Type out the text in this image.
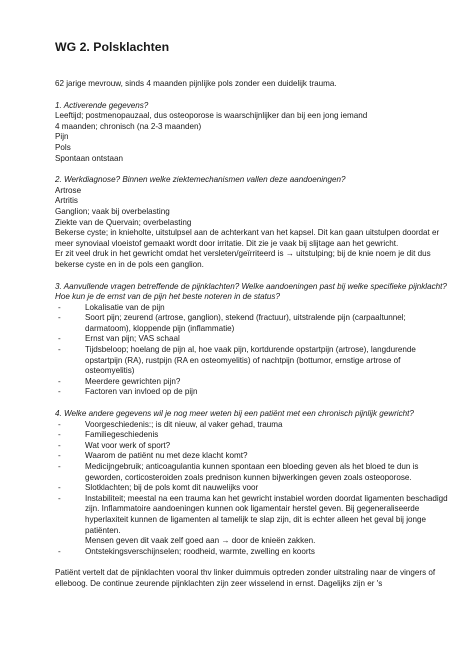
WG 2. Polsklachten

62 jarige mevrouw, sinds 4 maanden pijnlijke pols zonder een duidelijk trauma.

1. Activerende gegevens?

Leeftijd; postmenopauzaal, dus osteoporose is waarschijnlijker dan bij een jong iemand

4 maanden; chronisch (na 2-3 maanden)

Pijn

Pols

Spontaan ontstaan

2. Werkdiagnose? Binnen welke ziektemechanismen vallen deze aandoeningen?

Artrose

Artritis

Ganglion; vaak bij overbelasting

Ziekte van de Quervain; overbelasting

Bekerse cyste; in knieholte, uitstulpsel aan de achterkant van het kapsel. Dit kan gaan uitstulpen doordat er meer synoviaal vloeistof gemaakt wordt door irritatie. Dit zie je vaak bij slijtage aan het gewricht.

Er zit veel druk in het gewricht omdat het versleten/geïrriteerd is → uitstulping; bij de knie noem je dit dus bekerse cyste en in de pols een ganglion.

3. Aanvullende vragen betreffende de pijnklachten? Welke aandoeningen past bij welke specifieke pijnklacht? Hoe kun je de ernst van de pijn het beste noteren in de status?

-	Lokalisatie van de pijn
-	Soort pijn; zeurend (artrose, ganglion), stekend (fractuur), uitstralende pijn (carpaaltunnel; darmatoom), kloppende pijn (inflammatie)
-	Ernst van pijn; VAS schaal
-	Tijdsbeloop; hoelang de pijn al, hoe vaak pijn, kortdurende opstartpijn (artrose), langdurende opstartpijn (RA), rustpijn (RA en osteomyelitis) of nachtpijn (bottumor, ernstige artrose of osteomyelitis)
-	Meerdere gewrichten pijn?
-	Factoren van invloed op de pijn

4. Welke andere gegevens wil je nog meer weten bij een patiënt met een chronisch pijnlijk gewricht?

-	Voorgeschiedenis:; is dit nieuw, al vaker gehad, trauma
-	Familiegeschiedenis
-	Wat voor werk of sport?
-	Waarom de patiënt nu met deze klacht komt?
-	Medicijngebruik; anticoagulantia kunnen spontaan een bloeding geven als het bloed te dun is geworden, corticosteroiden zoals prednison kunnen bijwerkingen geven zoals osteoporose.
-	Slotklachten; bij de pols komt dit nauwelijks voor
-	Instabiliteit; meestal na een trauma kan het gewricht instabiel worden doordat ligamenten beschadigd zijn. Inflammatoire aandoeningen kunnen ook ligamentair herstel geven. Bij gegeneraliseerde hyperlaxiteit kunnen de ligamenten al tamelijk te slap zijn, dit is echter alleen het geval bij jonge patiënten.

Mensen geven dit vaak zelf goed aan → door de knieën zakken.

-	Ontstekingsverschijnselen; roodheid, warmte, zwelling en koorts

Patiënt vertelt dat de pijnklachten vooral thv linker duimmuis optreden zonder uitstraling naar de vingers of elleboog. De continue zeurende pijnklachten zijn zeer wisselend in ernst. Dagelijks zijn er 's
